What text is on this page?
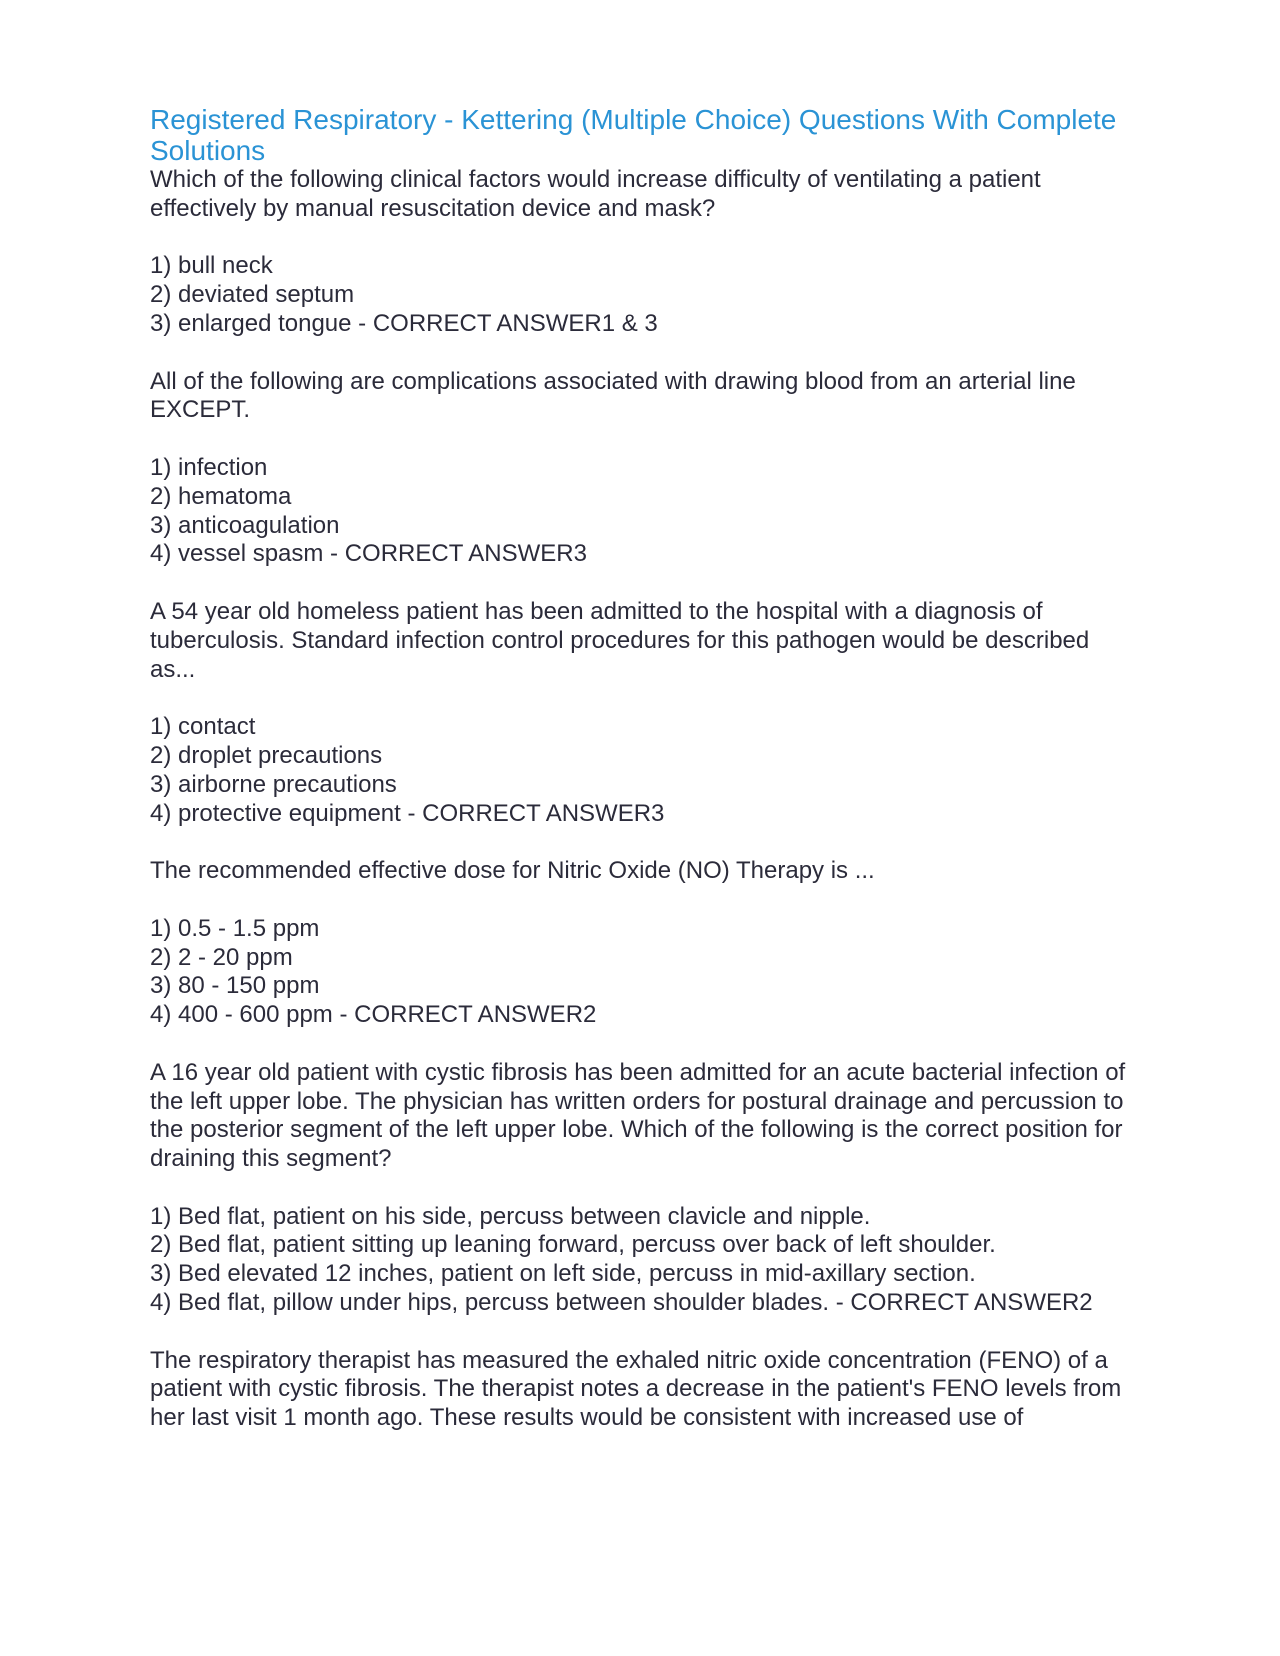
Registered Respiratory - Kettering (Multiple Choice) Questions With Complete Solutions

Which of the following clinical factors would increase difficulty of ventilating a patient effectively by manual resuscitation device and mask?

1) bull neck

2) deviated septum

3) enlarged tongue - CORRECT ANSWER1 & 3

All of the following are complications associated with drawing blood from an arterial line EXCEPT.

1) infection

2) hematoma

3) anticoagulation

4) vessel spasm - CORRECT ANSWER3

A 54 year old homeless patient has been admitted to the hospital with a diagnosis of tuberculosis. Standard infection control procedures for this pathogen would be described as...

1) contact

2) droplet precautions

3) airborne precautions

4) protective equipment - CORRECT ANSWER3

The recommended effective dose for Nitric Oxide (NO) Therapy is ...

1) 0.5 - 1.5 ppm

2) 2 - 20 ppm

3) 80 - 150 ppm

4) 400 - 600 ppm - CORRECT ANSWER2

A 16 year old patient with cystic fibrosis has been admitted for an acute bacterial infection of the left upper lobe. The physician has written orders for postural drainage and percussion to the posterior segment of the left upper lobe. Which of the following is the correct position for draining this segment?

1) Bed flat, patient on his side, percuss between clavicle and nipple.

2) Bed flat, patient sitting up leaning forward, percuss over back of left shoulder.

3) Bed elevated 12 inches, patient on left side, percuss in mid-axillary section.

4) Bed flat, pillow under hips, percuss between shoulder blades. - CORRECT ANSWER2

The respiratory therapist has measured the exhaled nitric oxide concentration (FENO) of a patient with cystic fibrosis. The therapist notes a decrease in the patient's FENO levels from her last visit 1 month ago. These results would be consistent with increased use of
